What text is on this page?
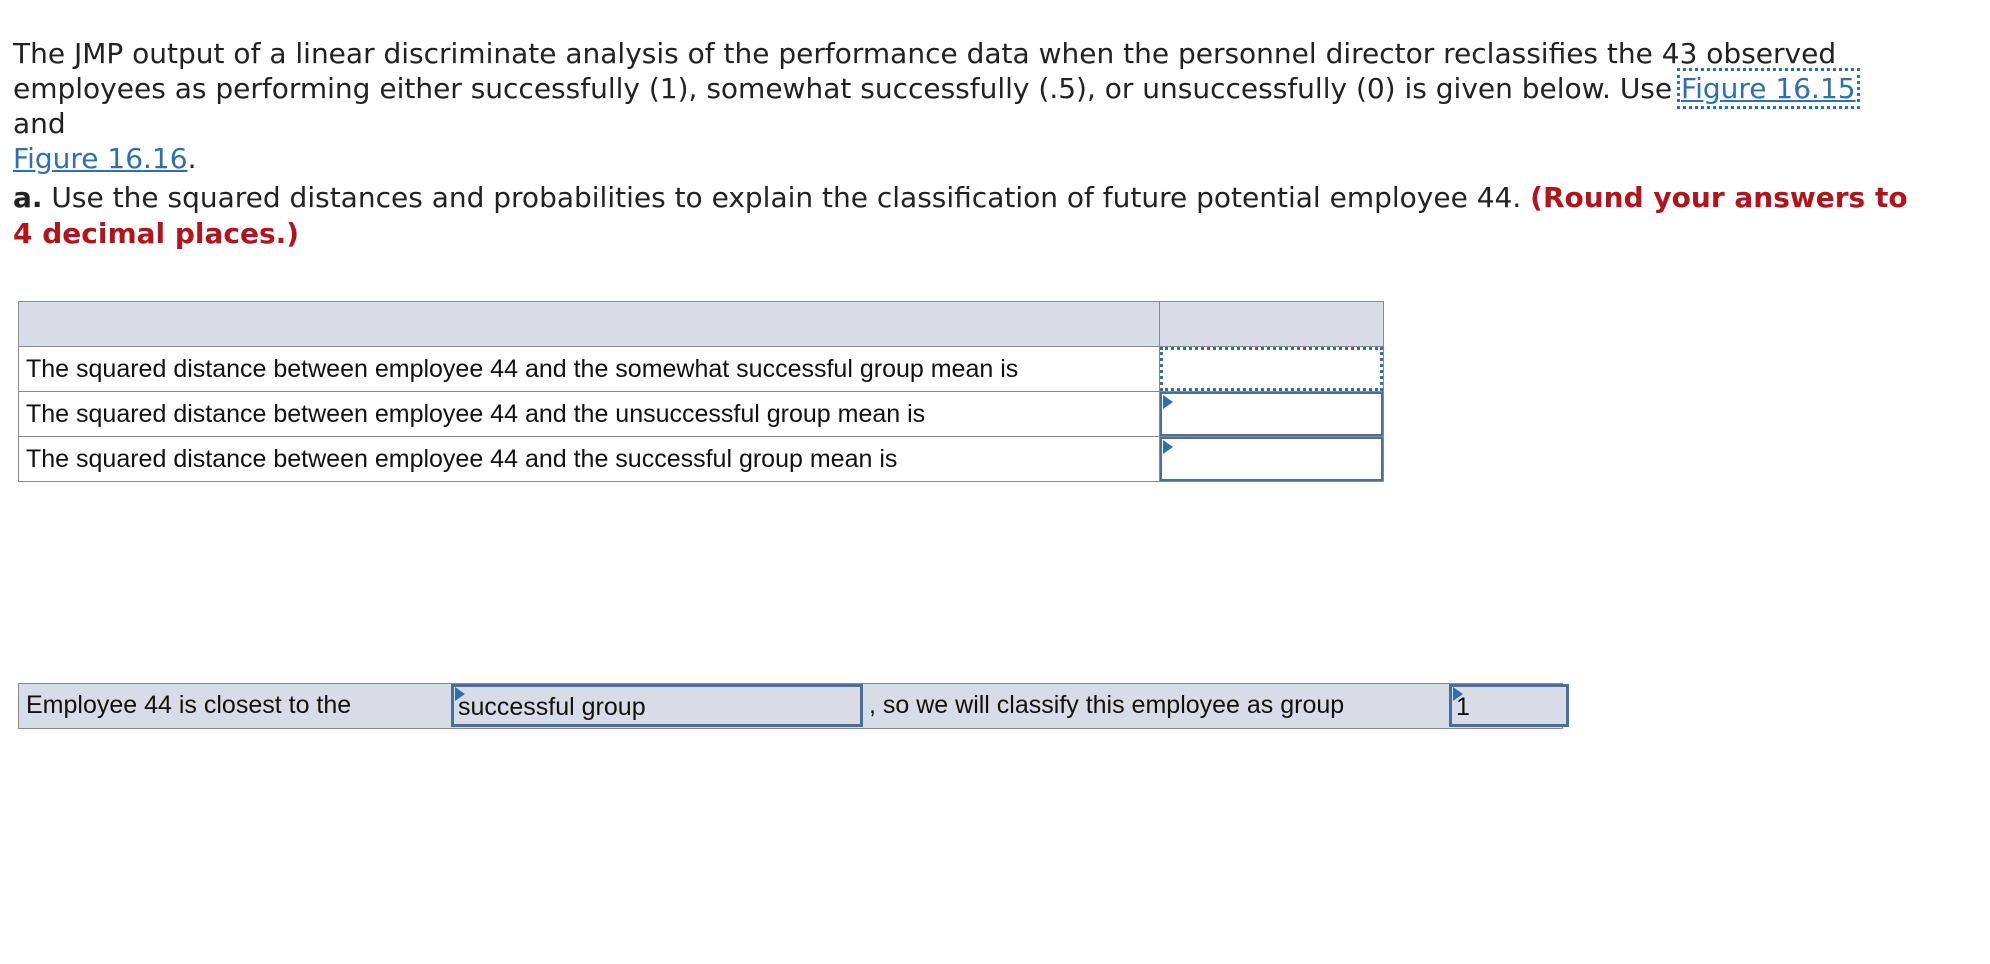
The JMP output of a linear discriminate analysis of the performance data when the personnel director reclassifies the 43 observed employees as performing either successfully (1), somewhat successfully (.5), or unsuccessfully (0) is given below. Use Figure 16.15 and
Figure 16.16.

a. Use the squared distances and probabilities to explain the classification of future potential employee 44. (Round your answers to 4 decimal places.)

The squared distance between employee 44 and the somewhat successful group mean is	

The squared distance between employee 44 and the unsuccessful group mean is	

The squared distance between employee 44 and the successful group mean is	
Employee 44 is closest to the	successful group	, so we will classify this employee as group	1
